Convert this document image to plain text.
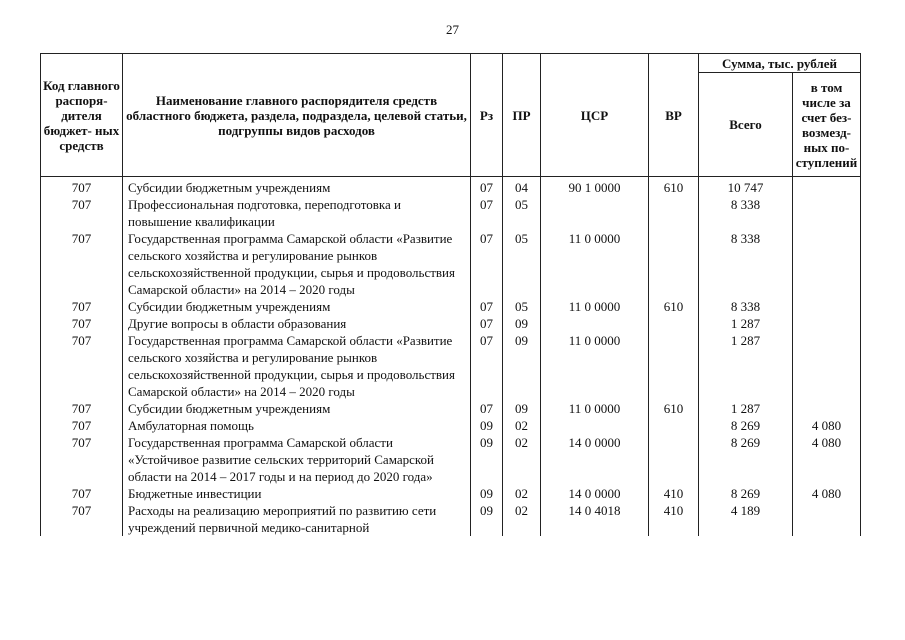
27
Код главного распоря- дителя бюджет- ных средств	Наименование главного распорядителя средств областного бюджета, раздела, подраздела, целевой статьи, подгруппы видов расходов	Рз	ПР	ЦСР	ВР	Сумма, тыс. рублей	
						Всего	в том числе за счет без- возмезд- ных по- ступлений
707	Субсидии бюджетным учреждениям	07	04	90 1 0000	610	10 747	
707	Профессиональная подготовка, переподготовка и повышение квалификации	07	05			8 338	
707	Государственная программа Самарской области «Развитие сельского хозяйства и регулирование рынков сельскохозяйственной продукции, сырья и продовольствия Самарской области» на 2014 – 2020 годы	07	05	11 0 0000		8 338	
707	Субсидии бюджетным учреждениям	07	05	11 0 0000	610	8 338	
707	Другие вопросы в области образования	07	09			1 287	
707	Государственная программа Самарской области «Развитие сельского хозяйства и регулирование рынков сельскохозяйственной продукции, сырья и продовольствия Самарской области» на 2014 – 2020 годы	07	09	11 0 0000		1 287	
707	Субсидии бюджетным учреждениям	07	09	11 0 0000	610	1 287	
707	Амбулаторная помощь	09	02			8 269	4 080
707	Государственная программа Самарской области «Устойчивое развитие сельских территорий Самарской области на 2014 – 2017 годы и на период до 2020 года»	09	02	14 0 0000		8 269	4 080
707	Бюджетные инвестиции	09	02	14 0 0000	410	8 269	4 080
707	Расходы на реализацию мероприятий по развитию сети учреждений первичной медико-санитарной	09	02	14 0 4018	410	4 189	
